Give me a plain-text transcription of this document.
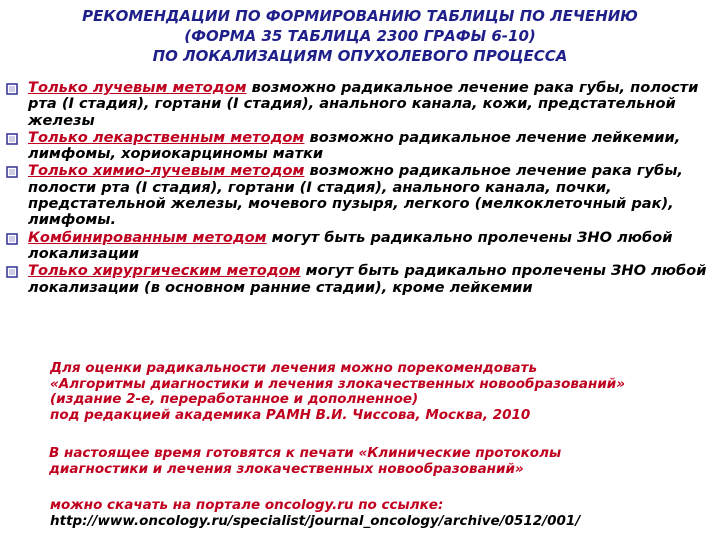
РЕКОМЕНДАЦИИ ПО ФОРМИРОВАНИЮ ТАБЛИЦЫ ПО ЛЕЧЕНИЮ
(ФОРМА 35 ТАБЛИЦА 2300 ГРАФЫ 6-10)
ПО ЛОКАЛИЗАЦИЯМ ОПУХОЛЕВОГО ПРОЦЕССА
Только лучевым методом возможно радикальное лечение рака губы, полости рта (I стадия), гортани (I стадия), анального канала, кожи, предстательной железы
Только лекарственным методом возможно радикальное лечение лейкемии, лимфомы, хориокарциномы матки
Только химио-лучевым методом возможно радикальное лечение рака губы, полости рта (I стадия), гортани (I стадия), анального канала, почки, предстательной железы, мочевого пузыря, легкого (мелкоклеточный рак), лимфомы.
Комбинированным методом могут быть радикально пролечены ЗНО любой локализации
Только хирургическим методом могут быть радикально пролечены ЗНО любой локализации (в основном ранние стадии), кроме лейкемии
Для оценки радикальности лечения можно порекомендовать
«Алгоритмы диагностики и лечения злокачественных новообразований»
(издание 2-е, переработанное и дополненное)
под редакцией академика РАМН В.И. Чиссова, Москва, 2010
В настоящее время готовятся к печати «Клинические протоколы
диагностики и лечения злокачественных новообразований»
можно скачать на портале oncology.ru по ссылке:
http://www.oncology.ru/specialist/journal_oncology/archive/0512/001/
